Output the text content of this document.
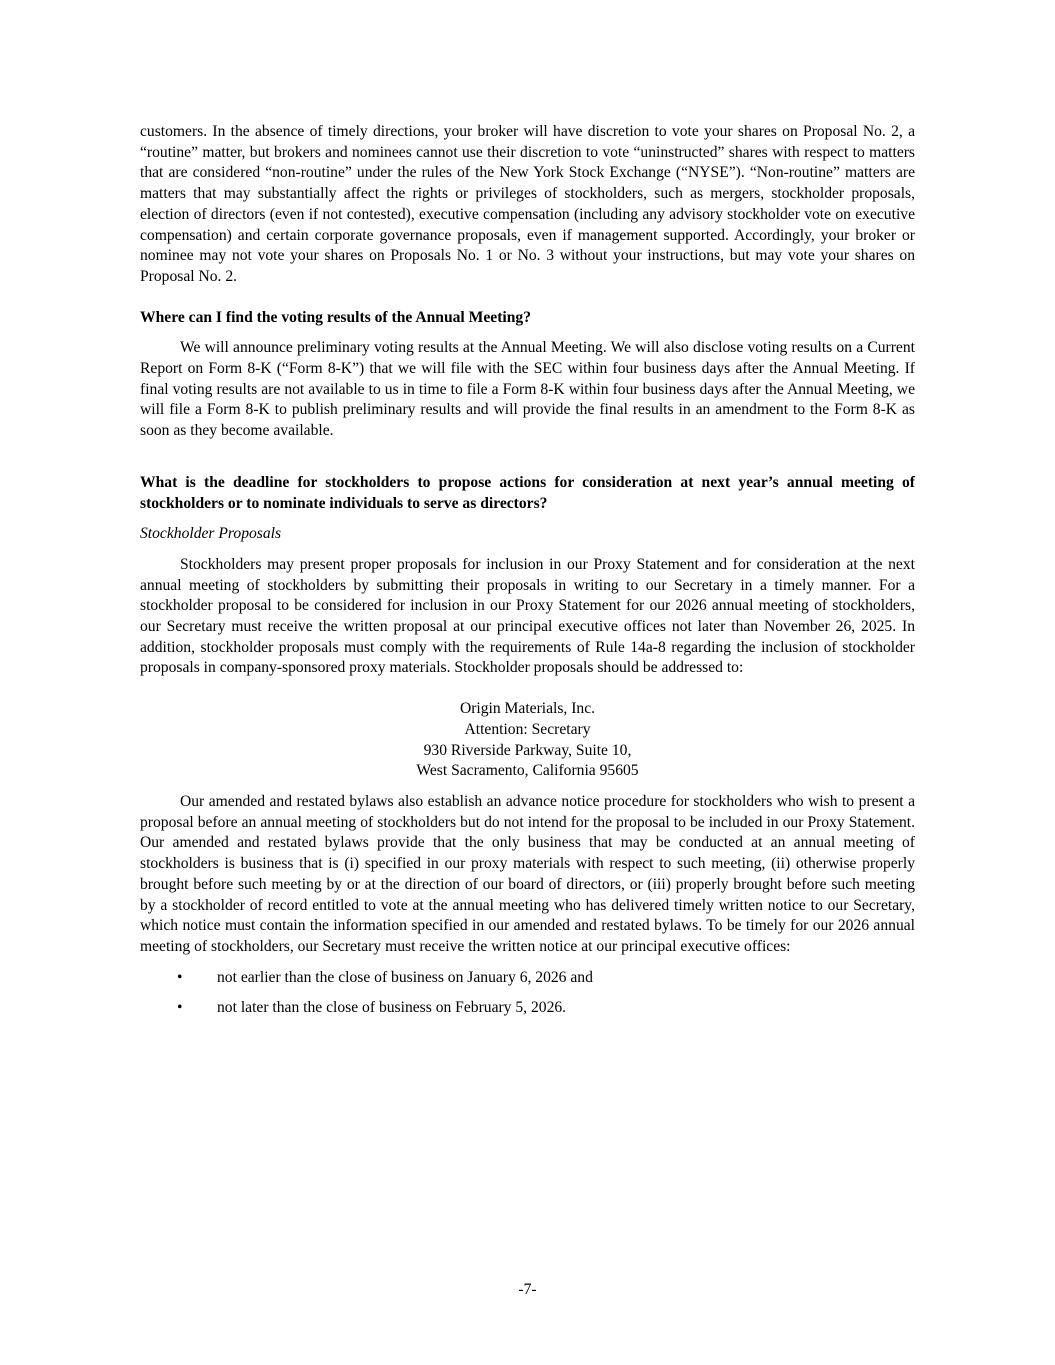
customers. In the absence of timely directions, your broker will have discretion to vote your shares on Proposal No. 2, a “routine” matter, but brokers and nominees cannot use their discretion to vote “uninstructed” shares with respect to matters that are considered “non-routine” under the rules of the New York Stock Exchange (“NYSE”). “Non-routine” matters are matters that may substantially affect the rights or privileges of stockholders, such as mergers, stockholder proposals, election of directors (even if not contested), executive compensation (including any advisory stockholder vote on executive compensation) and certain corporate governance proposals, even if management supported. Accordingly, your broker or nominee may not vote your shares on Proposals No. 1 or No. 3 without your instructions, but may vote your shares on Proposal No. 2.

Where can I find the voting results of the Annual Meeting?

We will announce preliminary voting results at the Annual Meeting. We will also disclose voting results on a Current Report on Form 8-K (“Form 8-K”) that we will file with the SEC within four business days after the Annual Meeting. If final voting results are not available to us in time to file a Form 8-K within four business days after the Annual Meeting, we will file a Form 8-K to publish preliminary results and will provide the final results in an amendment to the Form 8-K as soon as they become available.

What is the deadline for stockholders to propose actions for consideration at next year’s annual meeting of stockholders or to nominate individuals to serve as directors?

Stockholder Proposals

Stockholders may present proper proposals for inclusion in our Proxy Statement and for consideration at the next annual meeting of stockholders by submitting their proposals in writing to our Secretary in a timely manner. For a stockholder proposal to be considered for inclusion in our Proxy Statement for our 2026 annual meeting of stockholders, our Secretary must receive the written proposal at our principal executive offices not later than November 26, 2025. In addition, stockholder proposals must comply with the requirements of Rule 14a-8 regarding the inclusion of stockholder proposals in company-sponsored proxy materials. Stockholder proposals should be addressed to:

Origin Materials, Inc.
Attention: Secretary
930 Riverside Parkway, Suite 10,
West Sacramento, California 95605

Our amended and restated bylaws also establish an advance notice procedure for stockholders who wish to present a proposal before an annual meeting of stockholders but do not intend for the proposal to be included in our Proxy Statement. Our amended and restated bylaws provide that the only business that may be conducted at an annual meeting of stockholders is business that is (i) specified in our proxy materials with respect to such meeting, (ii) otherwise properly brought before such meeting by or at the direction of our board of directors, or (iii) properly brought before such meeting by a stockholder of record entitled to vote at the annual meeting who has delivered timely written notice to our Secretary, which notice must contain the information specified in our amended and restated bylaws. To be timely for our 2026 annual meeting of stockholders, our Secretary must receive the written notice at our principal executive offices:

• not earlier than the close of business on January 6, 2026 and
• not later than the close of business on February 5, 2026.
-7-
